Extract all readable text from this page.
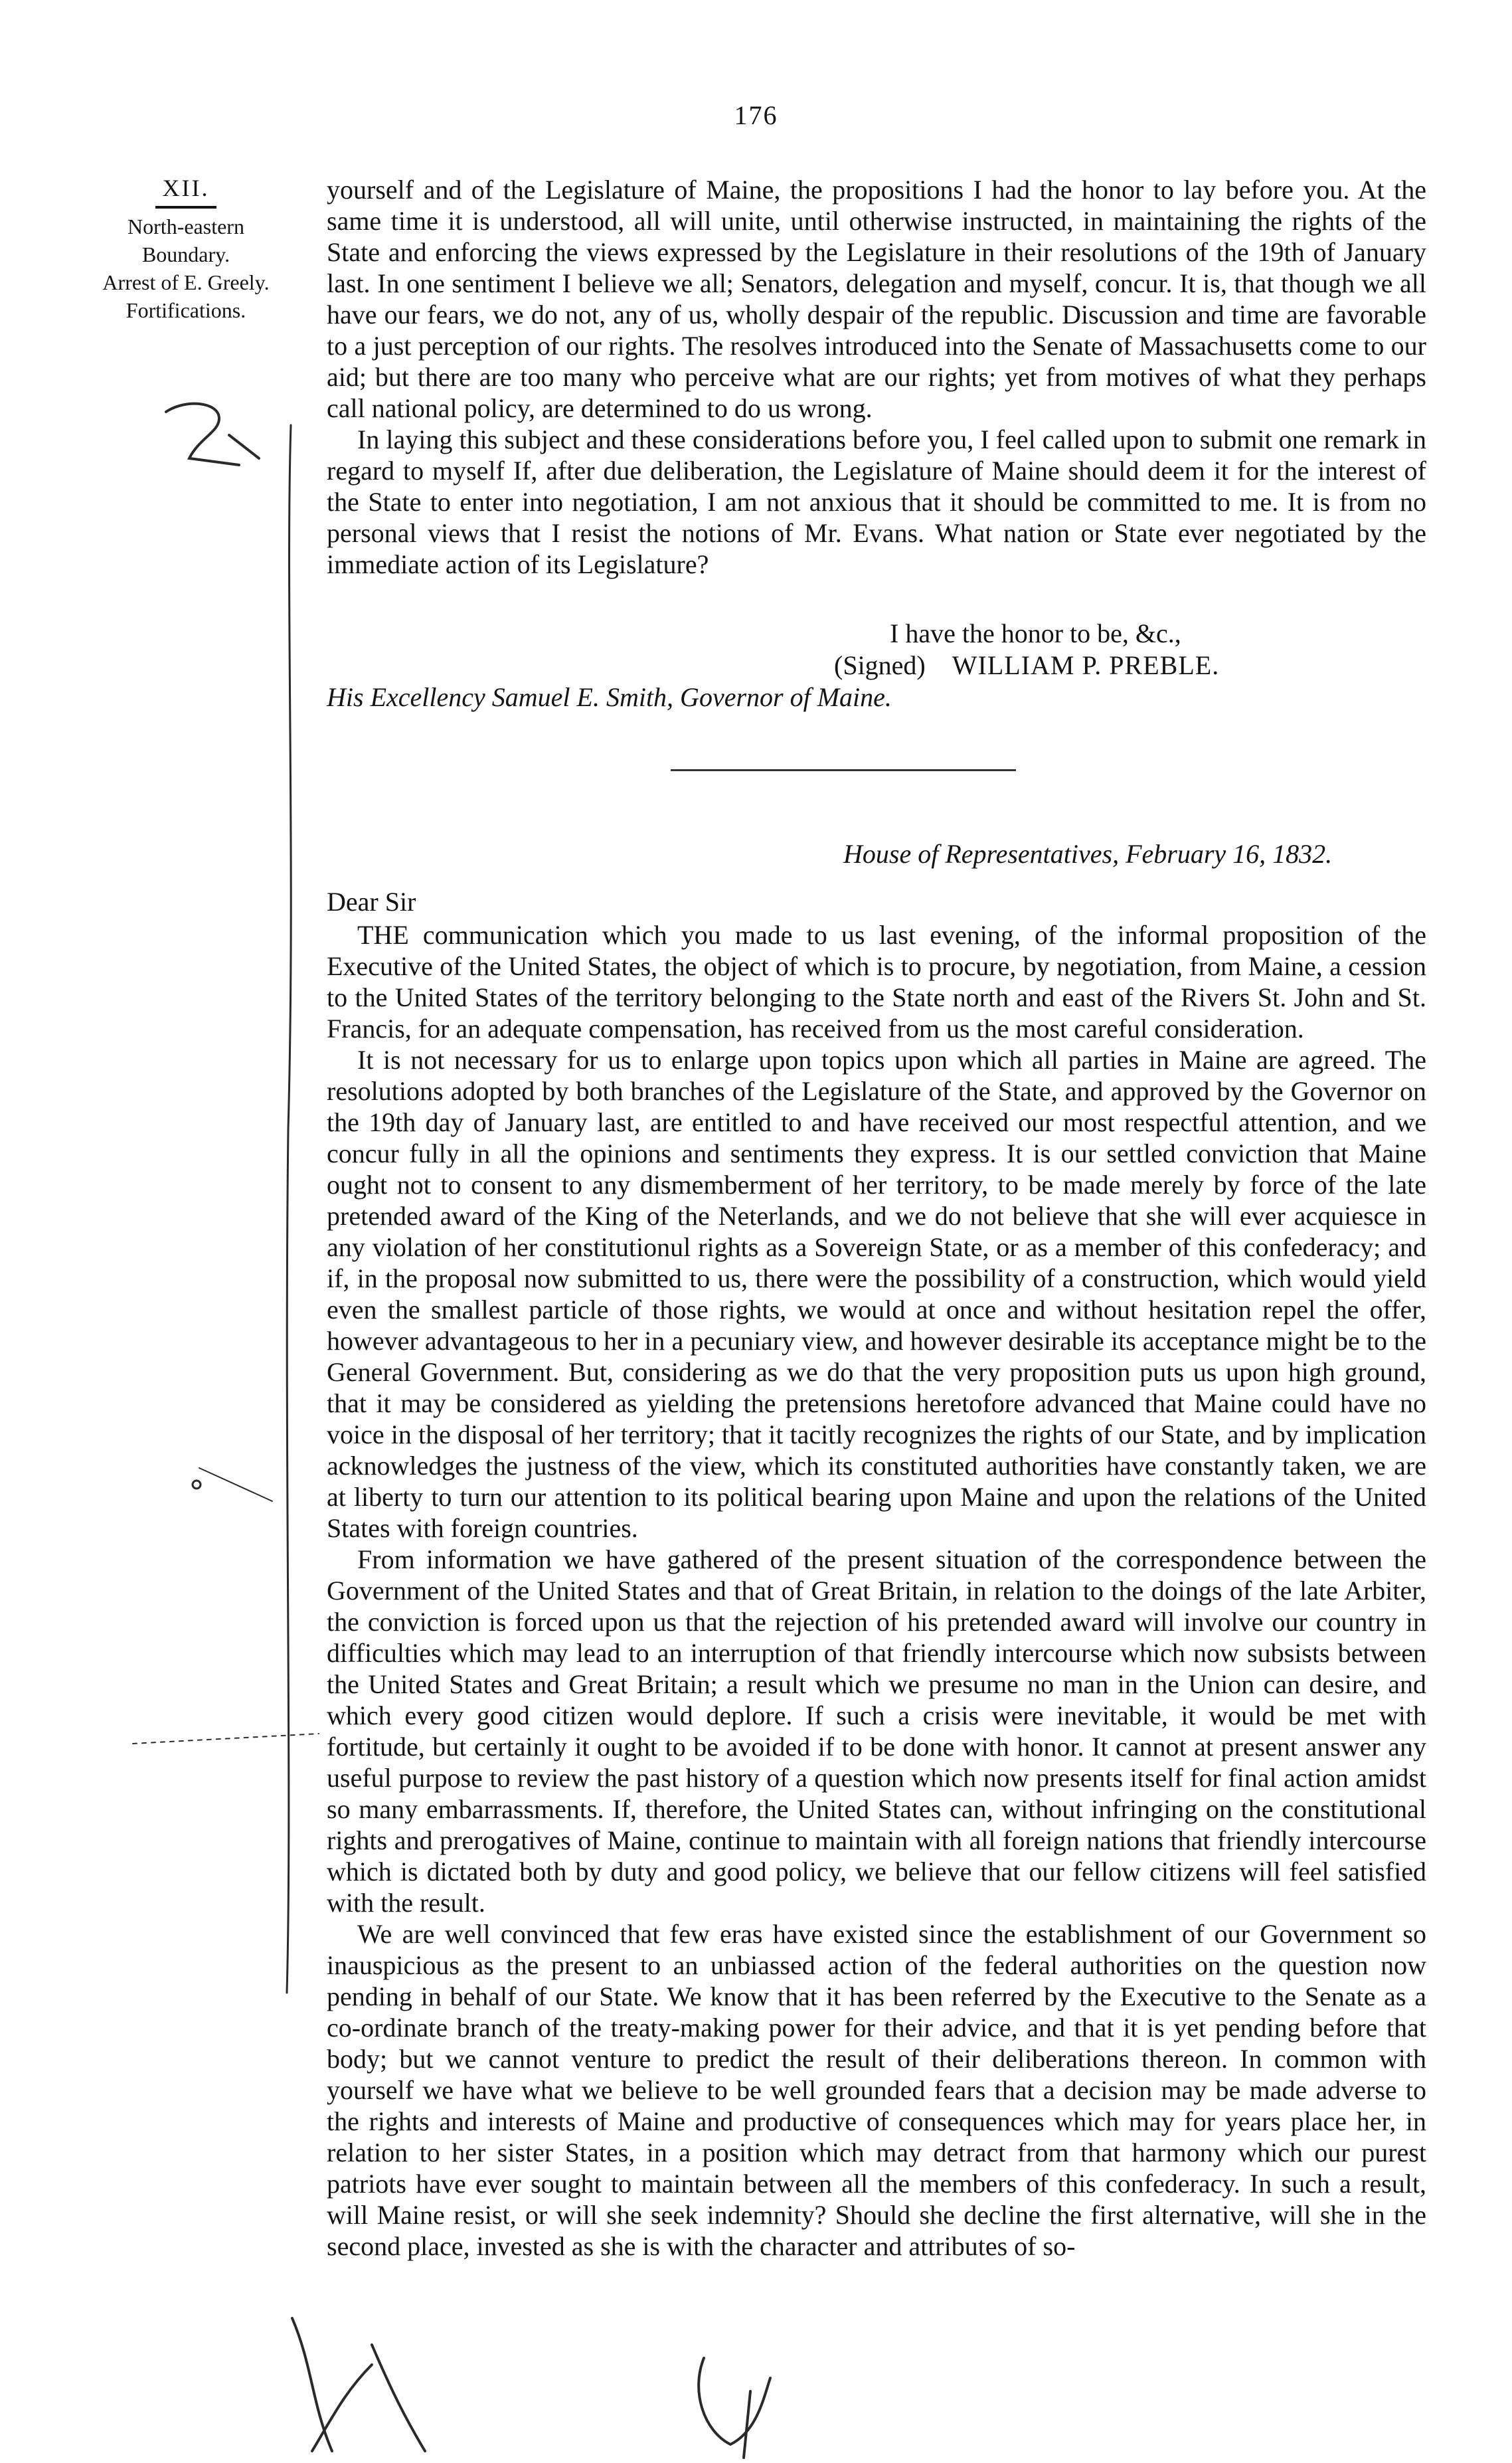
176
XII.
North-eastern
Boundary.
Arrest of E. Greely.
Fortifications.

yourself and of the Legislature of Maine, the propositions I had the honor to lay before you. At the same time it is understood, all will unite, until otherwise instructed, in maintaining the rights of the State and enforcing the views expressed by the Legislature in their resolutions of the 19th of January last. In one sentiment I believe we all; Senators, delegation and myself, concur. It is, that though we all have our fears, we do not, any of us, wholly despair of the republic. Discussion and time are favorable to a just perception of our rights. The resolves introduced into the Senate of Massachusetts come to our aid; but there are too many who perceive what are our rights; yet from motives of what they perhaps call national policy, are determined to do us wrong.

In laying this subject and these considerations before you, I feel called upon to submit one remark in regard to myself If, after due deliberation, the Legislature of Maine should deem it for the interest of the State to enter into negotiation, I am not anxious that it should be committed to me. It is from no personal views that I resist the notions of Mr. Evans. What nation or State ever negotiated by the immediate action of its Legislature?

I have the honor to be, &c.,
(Signed) WILLIAM P. PREBLE.
His Excellency Samuel E. Smith, Governor of Maine.
House of Representatives, February 16, 1832.
Dear Sir

THE communication which you made to us last evening, of the informal proposition of the Executive of the United States, the object of which is to procure, by negotiation, from Maine, a cession to the United States of the territory belonging to the State north and east of the Rivers St. John and St. Francis, for an adequate compensation, has received from us the most careful consideration.

It is not necessary for us to enlarge upon topics upon which all parties in Maine are agreed. The resolutions adopted by both branches of the Legislature of the State, and approved by the Governor on the 19th day of January last, are entitled to and have received our most respectful attention, and we concur fully in all the opinions and sentiments they express. It is our settled conviction that Maine ought not to consent to any dismemberment of her territory, to be made merely by force of the late pretended award of the King of the Neterlands, and we do not believe that she will ever acquiesce in any violation of her constitutionul rights as a Sovereign State, or as a member of this confederacy; and if, in the proposal now submitted to us, there were the possibility of a construction, which would yield even the smallest particle of those rights, we would at once and without hesitation repel the offer, however advantageous to her in a pecuniary view, and however desirable its acceptance might be to the General Government. But, considering as we do that the very proposition puts us upon high ground, that it may be considered as yielding the pretensions heretofore advanced that Maine could have no voice in the disposal of her territory; that it tacitly recognizes the rights of our State, and by implication acknowledges the justness of the view, which its constituted authorities have constantly taken, we are at liberty to turn our attention to its political bearing upon Maine and upon the relations of the United States with foreign countries.

From information we have gathered of the present situation of the correspondence between the Government of the United States and that of Great Britain, in relation to the doings of the late Arbiter, the conviction is forced upon us that the rejection of his pretended award will involve our country in difficulties which may lead to an interruption of that friendly intercourse which now subsists between the United States and Great Britain; a result which we presume no man in the Union can desire, and which every good citizen would deplore. If such a crisis were inevitable, it would be met with fortitude, but certainly it ought to be avoided if to be done with honor. It cannot at present answer any useful purpose to review the past history of a question which now presents itself for final action amidst so many embarrassments. If, therefore, the United States can, without infringing on the constitutional rights and prerogatives of Maine, continue to maintain with all foreign nations that friendly intercourse which is dictated both by duty and good policy, we believe that our fellow citizens will feel satisfied with the result.

We are well convinced that few eras have existed since the establishment of our Government so inauspicious as the present to an unbiassed action of the federal authorities on the question now pending in behalf of our State. We know that it has been referred by the Executive to the Senate as a co-ordinate branch of the treaty-making power for their advice, and that it is yet pending before that body; but we cannot venture to predict the result of their deliberations thereon. In common with yourself we have what we believe to be well grounded fears that a decision may be made adverse to the rights and interests of Maine and productive of consequences which may for years place her, in relation to her sister States, in a position which may detract from that harmony which our purest patriots have ever sought to maintain between all the members of this confederacy. In such a result, will Maine resist, or will she seek indemnity? Should she decline the first alternative, will she in the second place, invested as she is with the character and attributes of so-
